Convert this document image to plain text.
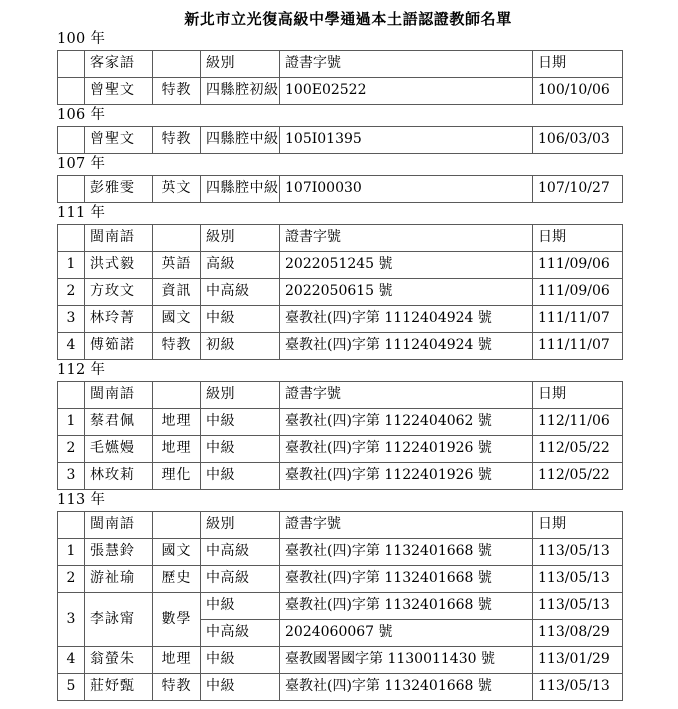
新北市立光復高級中學通過本土語認證教師名單
100 年
	客家語		級別	證書字號	日期
	曾聖文	特教	四縣腔初級	100E02522	100/10/06
106 年
	曾聖文	特教	四縣腔中級	105I01395	106/03/03
107 年
	彭雅雯	英文	四縣腔中級	107I00030	107/10/27
111 年
	閩南語		級別	證書字號	日期
1	洪式毅	英語	高級	2022051245 號	111/09/06
2	方玫文	資訊	中高級	2022050615 號	111/09/06
3	林玲菁	國文	中級	臺教社(四)字第 1112404924 號	111/11/07
4	傅筎諾	特教	初級	臺教社(四)字第 1112404924 號	111/11/07
112 年
	閩南語		級別	證書字號	日期
1	蔡君佩	地理	中級	臺教社(四)字第 1122404062 號	112/11/06
2	毛嬿嫚	地理	中級	臺教社(四)字第 1122401926 號	112/05/22
3	林玫莉	理化	中級	臺教社(四)字第 1122401926 號	112/05/22
113 年
	閩南語		級別	證書字號	日期
1	張慧鈴	國文	中高級	臺教社(四)字第 1132401668 號	113/05/13
2	游祉瑜	歷史	中高級	臺教社(四)字第 1132401668 號	113/05/13
3	李詠甯	數學	中級	臺教社(四)字第 1132401668 號	113/05/13
			中高級	2024060067 號	113/08/29
4	翁螢朱	地理	中級	臺教國署國字第 1130011430 號	113/01/29
5	莊妤甄	特教	中級	臺教社(四)字第 1132401668 號	113/05/13
